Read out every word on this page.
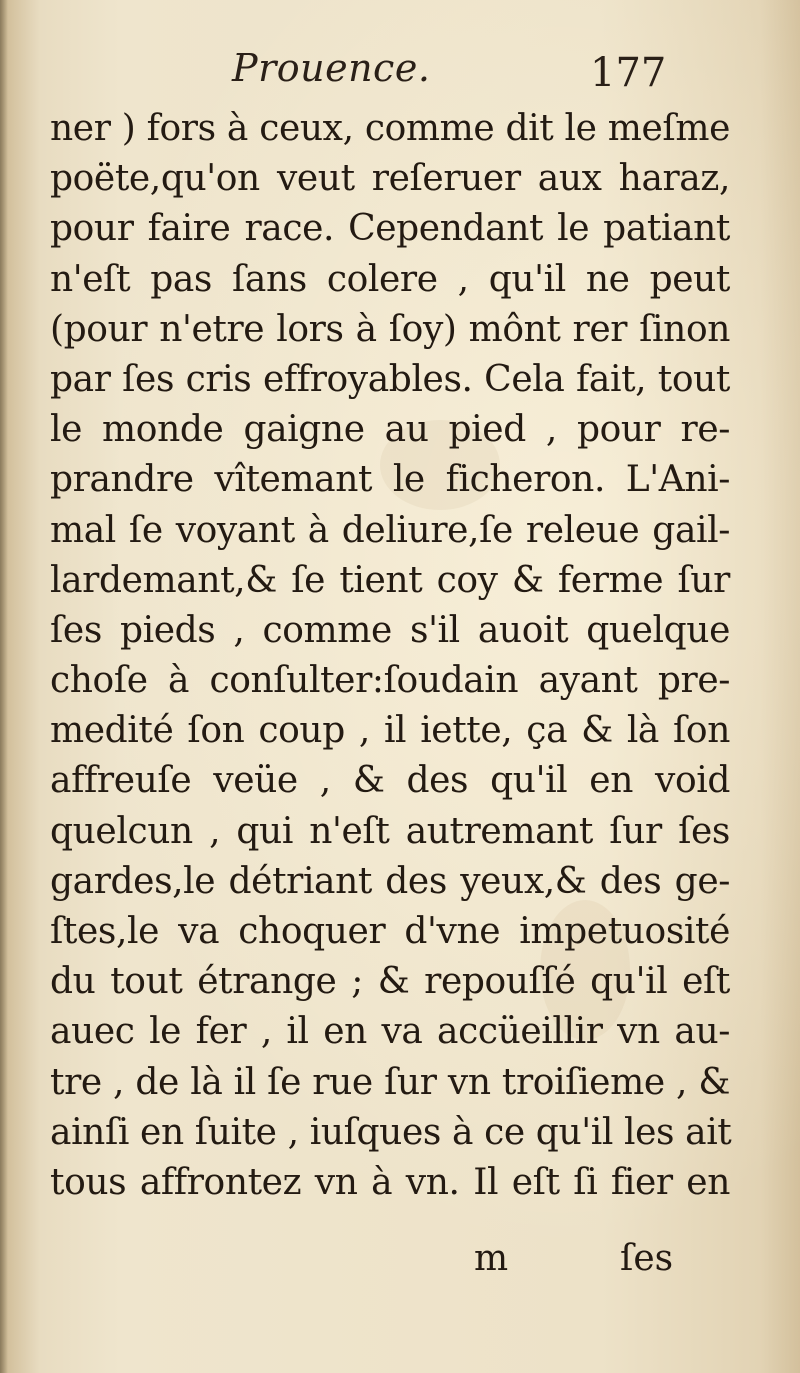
Prouence.	177
ner ) fors à ceux, comme dit le meſme
poëte,qu'on veut reſeruer aux haraz,
pour faire race. Cependant le patiant
n'eſt pas ſans colere , qu'il ne peut
(pour n'etre lors à ſoy) mônt rer ſinon
par ſes cris effroyables. Cela fait, tout
le monde gaigne au pied , pour re-
prandre vîtemant le ficheron. L'Ani-
mal ſe voyant à deliure,ſe releue gail-
lardemant,& ſe tient coy & ferme ſur
ſes pieds , comme s'il auoit quelque
choſe à conſulter:ſoudain ayant pre-
medité ſon coup , il iette, ça & là ſon
affreuſe veüe , & des qu'il en void
quelcun , qui n'eſt autremant ſur ſes
gardes,le détriant des yeux,& des ge-
ſtes,le va choquer d'vne impetuosité
du tout étrange ; & repouſſé qu'il eſt
auec le fer , il en va accüeillir vn au-
tre , de là il ſe rue ſur vn troiſieme , &
ainſi en ſuite , iuſques à ce qu'il les ait
tous affrontez vn à vn. Il eſt ſi fier en
m	ſes
